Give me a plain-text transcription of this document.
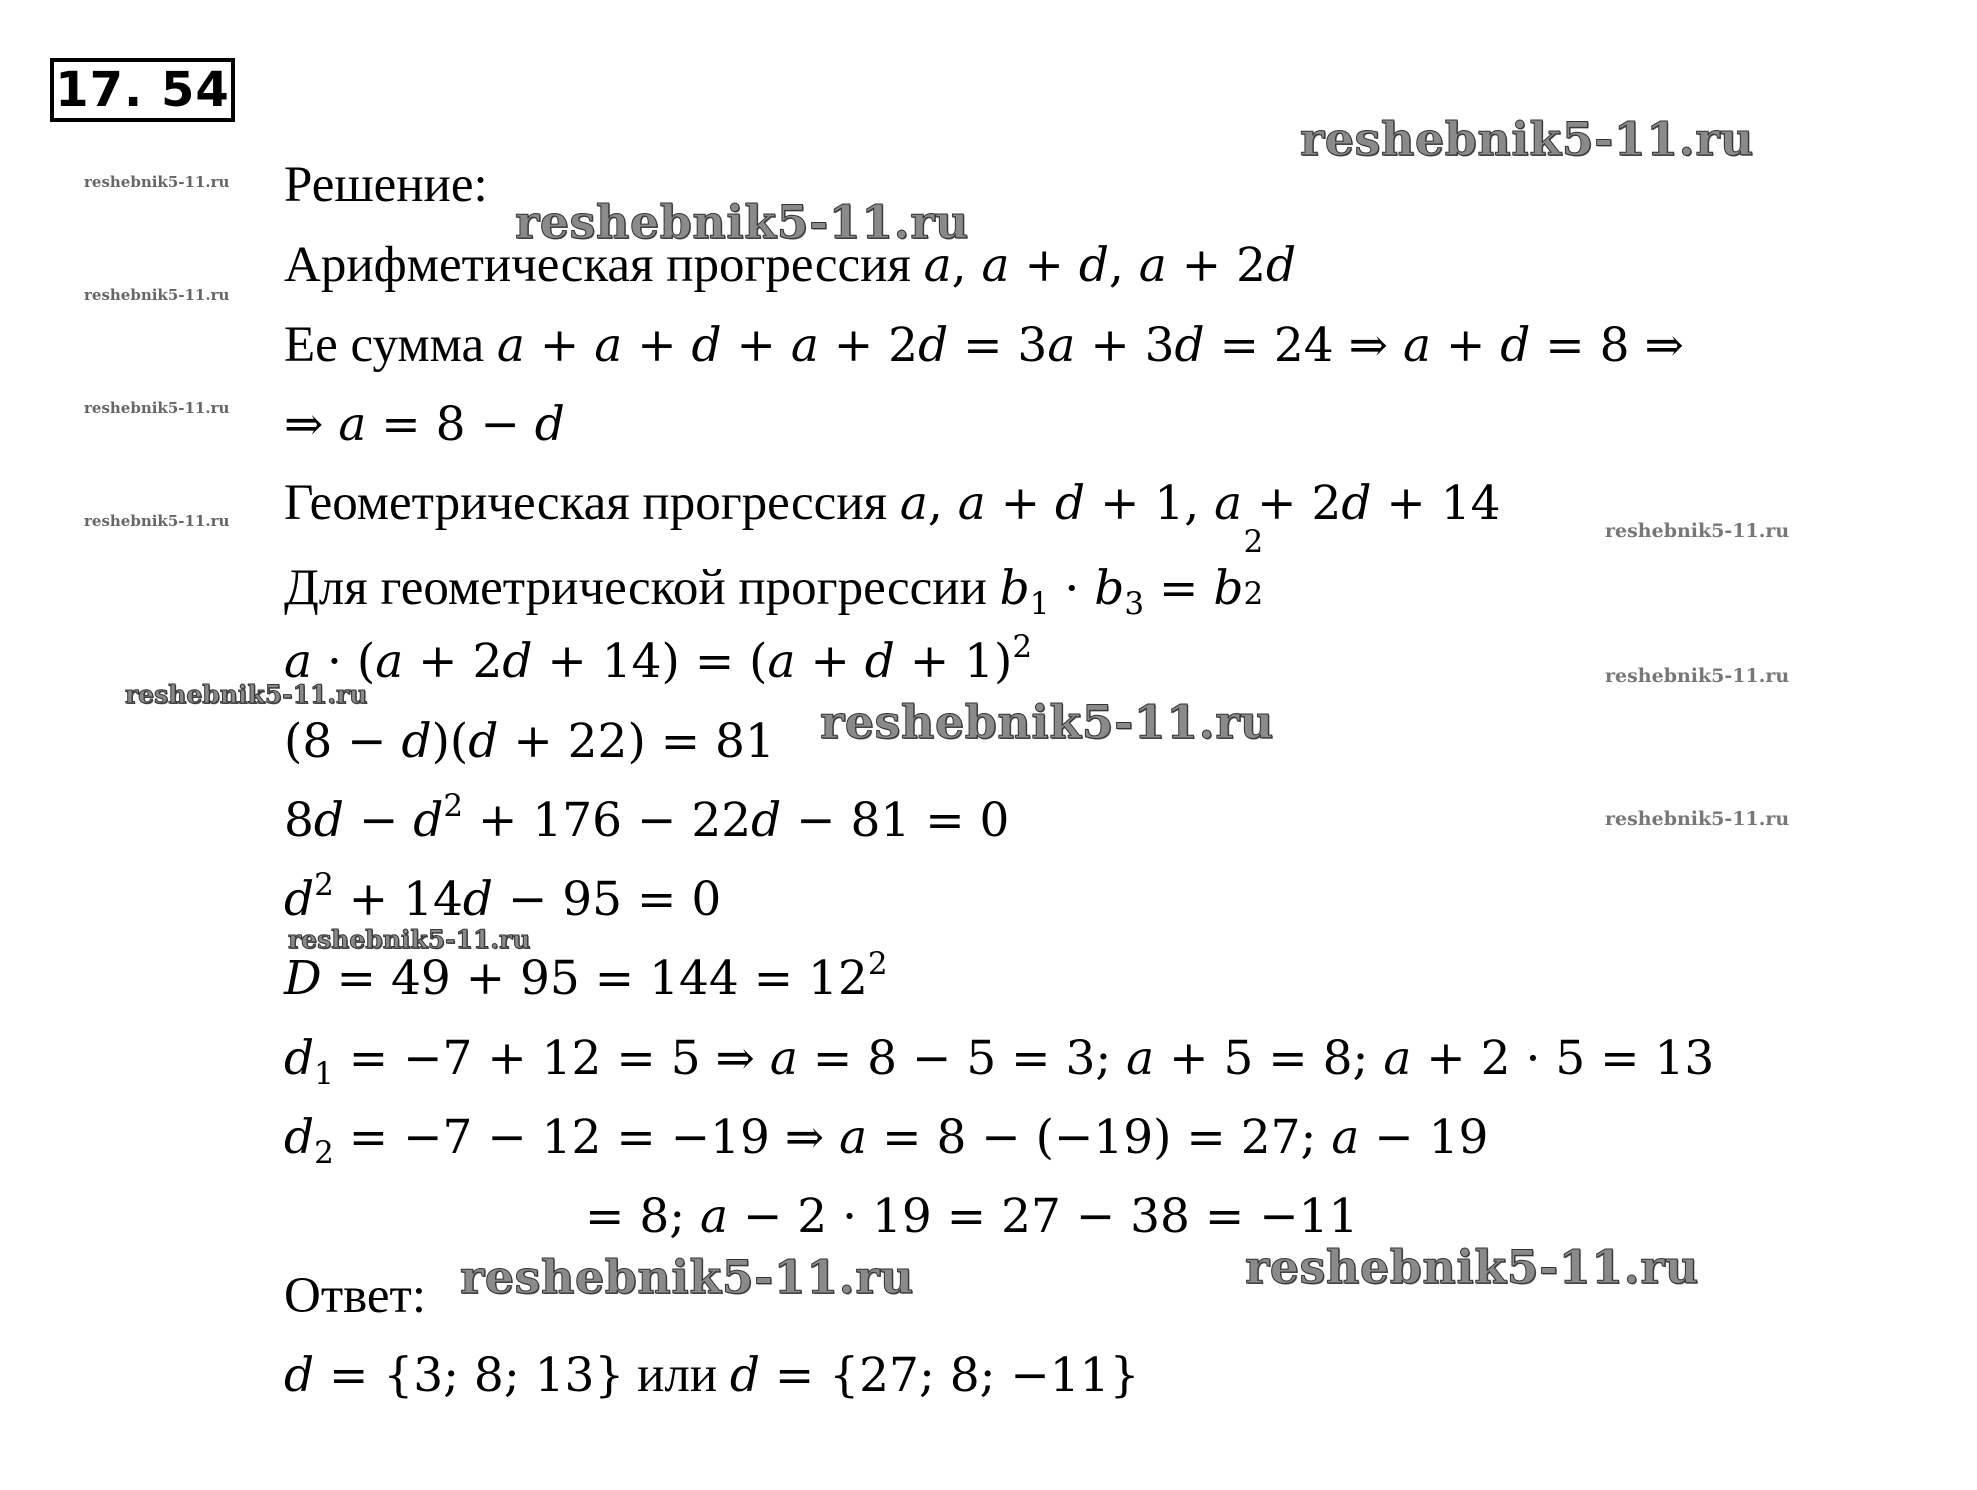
17. 54
Решение:
Арифметическая прогрессия a, a + d, a + 2d
Ее сумма a + a + d + a + 2d = 3a + 3d = 24 ⇒ a + d = 8 ⇒
⇒ a = 8 − d
Геометрическая прогрессия a, a + d + 1, a + 2d + 14
Для геометрической прогрессии $b_1 \cdot b_3 = b$
2
2
$a \cdot (a + 2d + 14) = (a + d + 1)^2$
(8 − d)(d + 22) = 81
$8d - d^2 + 176 - 22d - 81 = 0$
$d^2 + 14d - 95 = 0$
$D = 49 + 95 = 144 = 12^2$
$d_1 = -7 + 12 = 5$ ⇒ a = 8 − 5 = 3; a + 5 = 8; a + 2 · 5 = 13
$d_2 = -7 - 12 = -19$ ⇒ a = 8 − (−19) = 27; a − 19
= 8; a − 2 · 19 = 27 − 38 = −11
Ответ:
d = {3; 8; 13} или d = {27; 8; −11}
reshebnik5-11.ru
reshebnik5-11.ru
reshebnik5-11.ru
reshebnik5-11.ru	reshebnik5-11.ru
reshebnik5-11.ru
reshebnik5-11.ru
reshebnik5-11.ru
reshebnik5-11.ru
reshebnik5-11.ru
reshebnik5-11.ru
reshebnik5-11.ru
reshebnik5-11.ru
reshebnik5-11.ru
